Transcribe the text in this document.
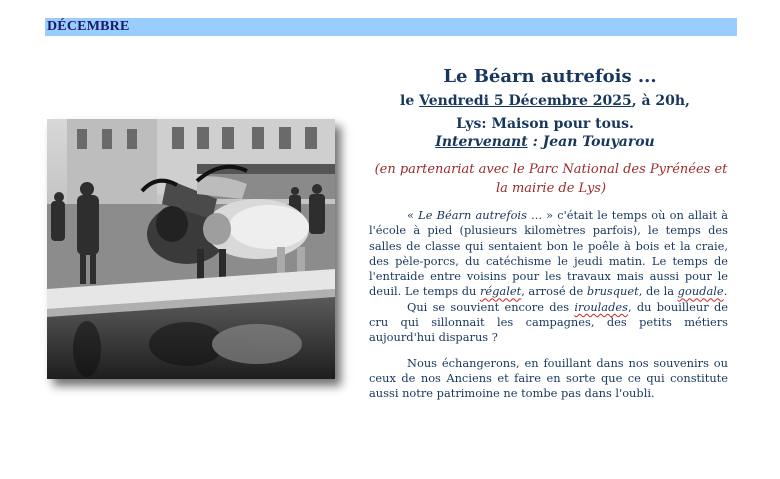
DÉCEMBRE
Le Béarn autrefois ...
le Vendredi 5 Décembre 2025, à 20h,
Lys: Maison pour tous.
Intervenant : Jean Touyarou
(en partenariat avec le Parc National des Pyrénées et
la mairie de Lys)

« Le Béarn autrefois ... » c'était le temps où on allait à l'école à pied (plusieurs kilomètres parfois), le temps des salles de classe qui sentaient bon le poêle à bois et la craie, des pèle-porcs, du catéchisme le jeudi matin. Le temps de l'entraide entre voisins pour les travaux mais aussi pour le deuil. Le temps du régalet, arrosé de brusquet, de la goudale.

Qui se souvient encore des iroulades, du bouilleur de cru qui sillonnait les campagnes, des petits métiers aujourd'hui disparus ?

Nous échangerons, en fouillant dans nos souvenirs ou ceux de nos Anciens et faire en sorte que ce qui constitute aussi notre patrimoine ne tombe pas dans l'oubli.
